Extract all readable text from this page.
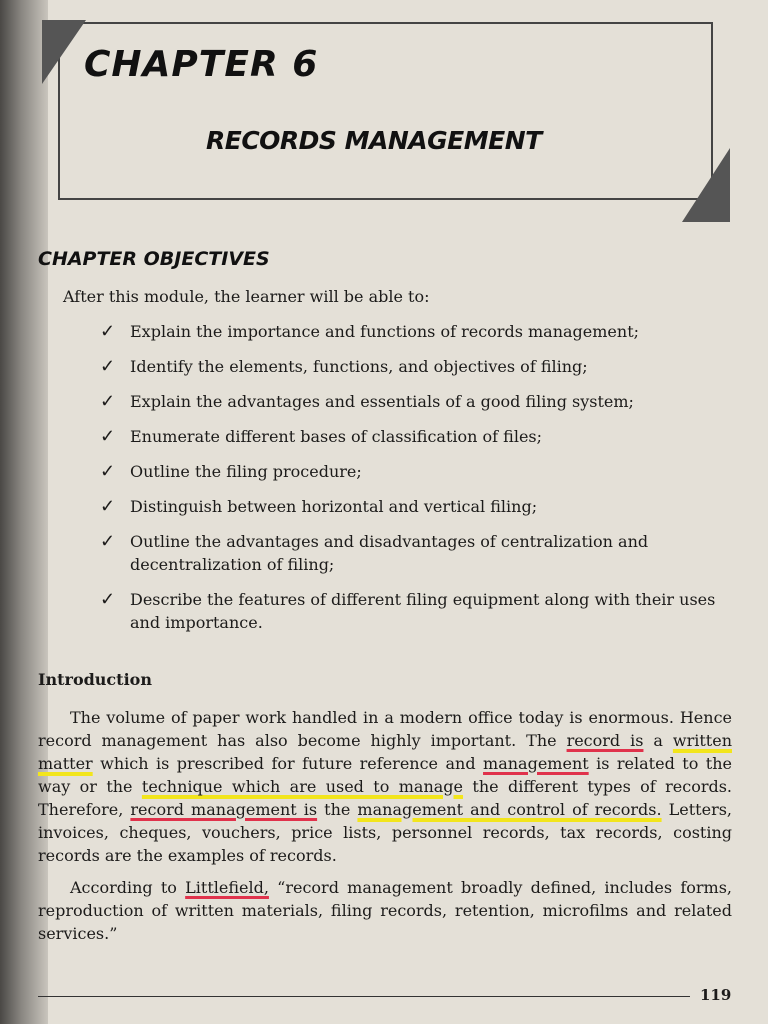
CHAPTER 6
RECORDS MANAGEMENT
CHAPTER OBJECTIVES
After this module, the learner will be able to:
✓ Explain the importance and functions of records management;
✓ Identify the elements, functions, and objectives of filing;
✓ Explain the advantages and essentials of a good filing system;
✓ Enumerate different bases of classification of files;
✓ Outline the filing procedure;
✓ Distinguish between horizontal and vertical filing;
✓ Outline the advantages and disadvantages of centralization and decentralization of filing;
✓ Describe the features of different filing equipment along with their uses and importance.
Introduction

The volume of paper work handled in a modern office today is enormous. Hence record management has also become highly important. The record is a written matter which is prescribed for future reference and management is related to the way or the technique which are used to manage the different types of records. Therefore, record management is the management and control of records. Letters, invoices, cheques, vouchers, price lists, personnel records, tax records, costing records are the examples of records.

According to Littlefield, “record management broadly defined, includes forms, reproduction of written materials, filing records, retention, microfilms and related services.”

119
